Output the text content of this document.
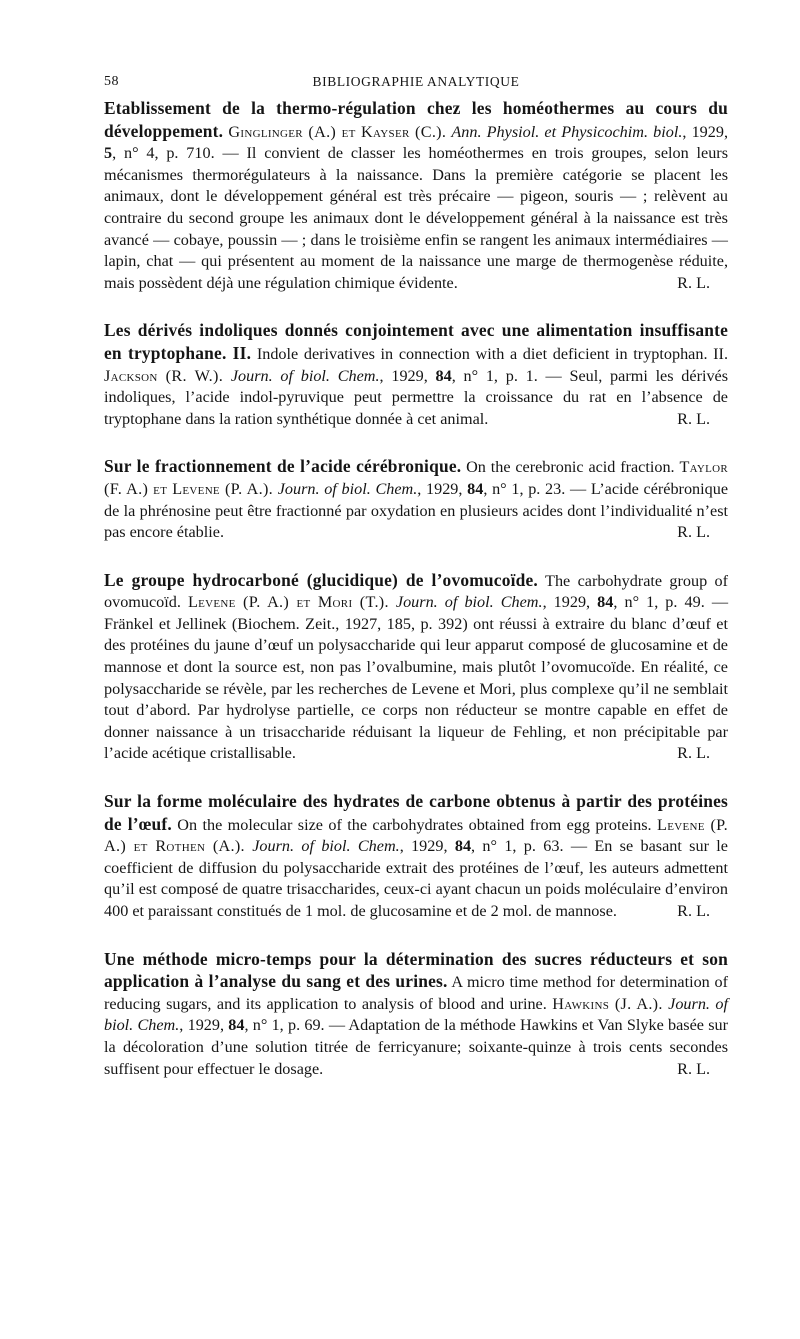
58	BIBLIOGRAPHIE ANALYTIQUE

Etablissement de la thermo-régulation chez les homéothermes au cours du développement. Ginglinger (A.) et Kayser (C.). Ann. Physiol. et Physicochim. biol., 1929, 5, n° 4, p. 710. — Il convient de classer les homéothermes en trois groupes, selon leurs mécanismes thermorégulateurs à la naissance. Dans la première catégorie se placent les animaux, dont le développement général est très précaire — pigeon, souris — ; relèvent au contraire du second groupe les animaux dont le développement général à la naissance est très avancé — cobaye, poussin — ; dans le troisième enfin se rangent les animaux intermédiaires — lapin, chat — qui présentent au moment de la naissance une marge de thermogenèse réduite, mais possèdent déjà une régulation chimique évidente.	R. L.

Les dérivés indoliques donnés conjointement avec une alimentation insuffisante en tryptophane. II. Indole derivatives in connection with a diet deficient in tryptophan. II. Jackson (R. W.). Journ. of biol. Chem., 1929, 84, n° 1, p. 1. — Seul, parmi les dérivés indoliques, l’acide indol-pyruvique peut permettre la croissance du rat en l’absence de tryptophane dans la ration synthétique donnée à cet animal.	R. L.

Sur le fractionnement de l’acide cérébronique. On the cerebronic acid fraction. Taylor (F. A.) et Levene (P. A.). Journ. of biol. Chem., 1929, 84, n° 1, p. 23. — L’acide cérébronique de la phrénosine peut être fractionné par oxydation en plusieurs acides dont l’individualité n’est pas encore établie.	R. L.

Le groupe hydrocarboné (glucidique) de l’ovomucoïde. The carbohydrate group of ovomucoïd. Levene (P. A.) et Mori (T.). Journ. of biol. Chem., 1929, 84, n° 1, p. 49. — Fränkel et Jellinek (Biochem. Zeit., 1927, 185, p. 392) ont réussi à extraire du blanc d’œuf et des protéines du jaune d’œuf un polysaccharide qui leur apparut composé de glucosamine et de mannose et dont la source est, non pas l’ovalbumine, mais plutôt l’ovomucoïde. En réalité, ce polysaccharide se révèle, par les recherches de Levene et Mori, plus complexe qu’il ne semblait tout d’abord. Par hydrolyse partielle, ce corps non réducteur se montre capable en effet de donner naissance à un trisaccharide réduisant la liqueur de Fehling, et non précipitable par l’acide acétique cristallisable.	R. L.

Sur la forme moléculaire des hydrates de carbone obtenus à partir des protéines de l’œuf. On the molecular size of the carbohydrates obtained from egg proteins. Levene (P. A.) et Rothen (A.). Journ. of biol. Chem., 1929, 84, n° 1, p. 63. — En se basant sur le coefficient de diffusion du polysaccharide extrait des protéines de l’œuf, les auteurs admettent qu’il est composé de quatre trisaccharides, ceux-ci ayant chacun un poids moléculaire d’environ 400 et paraissant constitués de 1 mol. de glucosamine et de 2 mol. de mannose.	R. L.

Une méthode micro-temps pour la détermination des sucres réducteurs et son application à l’analyse du sang et des urines. A micro time method for determination of reducing sugars, and its application to analysis of blood and urine. Hawkins (J. A.). Journ. of biol. Chem., 1929, 84, n° 1, p. 69. — Adaptation de la méthode Hawkins et Van Slyke basée sur la décoloration d’une solution titrée de ferricyanure; soixante-quinze à trois cents secondes suffisent pour effectuer le dosage.	R. L.
